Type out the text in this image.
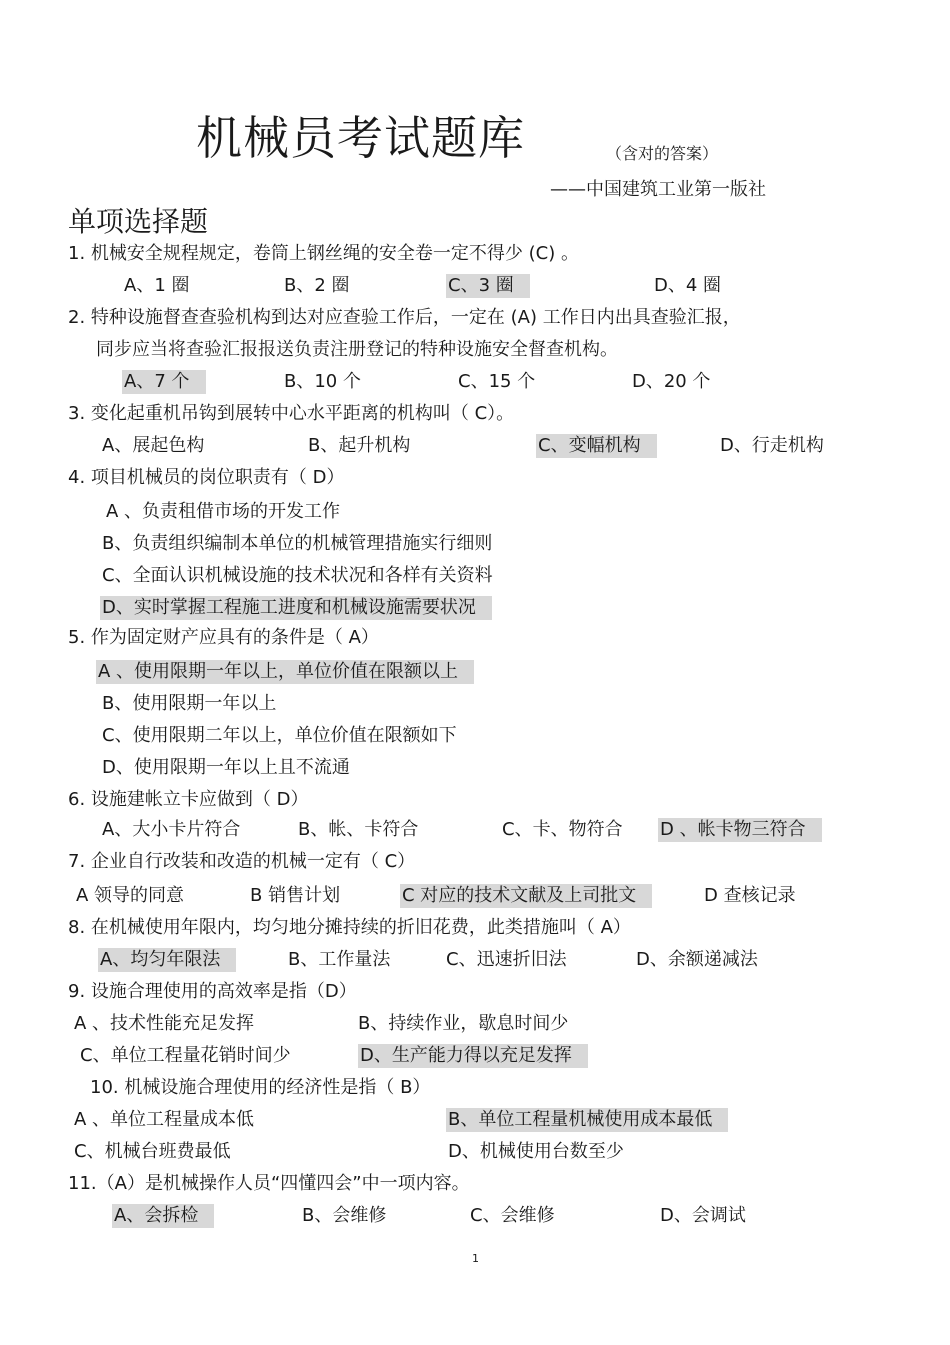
机械员考试题库	（含对的答案）
——中国建筑工业第一版社
单项选择题
1. 机械安全规程规定，卷筒上钢丝绳的安全卷一定不得少 (C) 。
A、1 圈	B、2 圈	C、3 圈	D、4 圈
2. 特种设施督查查验机构到达对应查验工作后，一定在 (A) 工作日内出具查验汇报，
同步应当将查验汇报报送负责注册登记的特种设施安全督查机构。
A、7 个	B、10 个	C、15 个	D、20 个
3. 变化起重机吊钩到展转中心水平距离的机构叫（ C）。
A、展起色构	B、起升机构	C、变幅机构	D、行走机构
4. 项目机械员的岗位职责有（ D）
A 、负责租借市场的开发工作
B、负责组织编制本单位的机械管理措施实行细则
C、全面认识机械设施的技术状况和各样有关资料
D、实时掌握工程施工进度和机械设施需要状况
5. 作为固定财产应具有的条件是（ A）
A 、使用限期一年以上，单位价值在限额以上
B、使用限期一年以上
C、使用限期二年以上，单位价值在限额如下
D、使用限期一年以上且不流通
6. 设施建帐立卡应做到（ D）
A、大小卡片符合	B、帐、卡符合	C、卡、物符合 D 、帐卡物三符合
7. 企业自行改装和改造的机械一定有（ C）
A 领导的同意	B 销售计划	C 对应的技术文献及上司批文	D 查核记录
8. 在机械使用年限内，均匀地分摊持续的折旧花费，此类措施叫（ A）
A、均匀年限法	B、工作量法	C、迅速折旧法	D、余额递减法
9. 设施合理使用的高效率是指（D）
A 、技术性能充足发挥	B、持续作业，歇息时间少
C、单位工程量花销时间少	D、生产能力得以充足发挥
10. 机械设施合理使用的经济性是指（ B）
A 、单位工程量成本低	B、单位工程量机械使用成本最低
C、机械台班费最低	D、机械使用台数至少
11.（A）是机械操作人员“四懂四会”中一项内容。
A、会拆检	B、会维修	C、会维修	D、会调试
1
